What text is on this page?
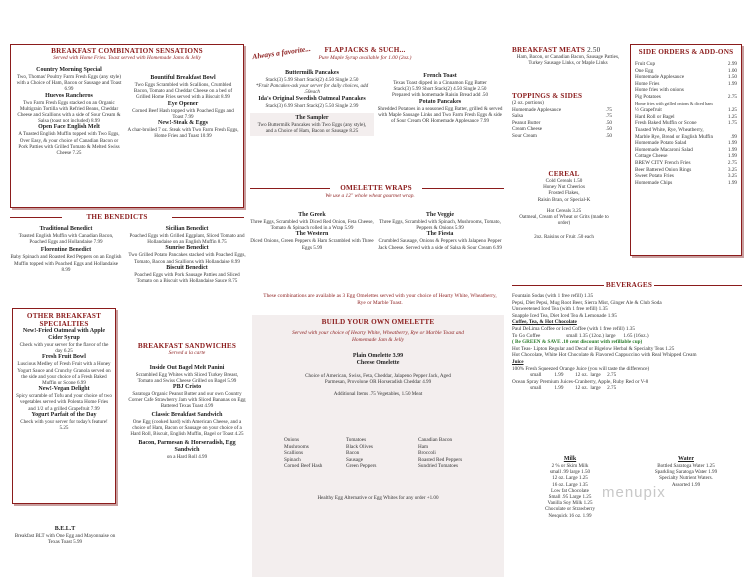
BREAKFAST COMBINATION SENSATIONS
Served with Home Fries. Toast served with Homemade Jams & Jelly
Country Morning Special
Two, Thomas' Poultry Farm Fresh Eggs (any style) with a Choice of Ham, Bacon or Sausage and Toast 6.99
Huevos Rancheros
Two Farm Fresh Eggs stacked on an Organic Multigrain Tortilla with Refried Beans, Cheddar Cheese and Scallions with a side of Sour Cream & Salsa (toast not included) 8.99
Open Face English Melt
A Toasted English Muffin topped with Two Eggs, Over Easy, & your choice of Canadian Bacon or Pork Patties with Grilled Tomato & Melted Swiss Cheese 7.25
Bountiful Breakfast Bowl
Two Eggs Scrambled with Scallions, Crumbled Bacon, Tomato and Cheddar Cheese on a bed of Grilled Home Fries served with a Biscuit 8.99
Eye Opener
Corned Beef Hash topped with Poached Eggs and Toast 7.99
New!-Steak & Eggs
A char-broiled 7 oz. Steak with Two Farm Fresh Eggs, Home Fries and Toast 10.99
THE BENEDICTS
Traditional Benedict
Toasted English Muffin with Canadian Bacon, Poached Eggs and Hollandaise 7.99
Florentine Benedict
Baby Spinach and Roasted Red Peppers on an English Muffin topped with Poached Eggs and Hollandaise 8.99
Sicilian Benedict
Poached Eggs with Grilled Eggplant, Sliced Tomato and Hollandaise on an English Muffin 8.75
Sunrise Benedict
Two Grilled Potato Pancakes stacked with Poached Eggs, Tomato, Bacon and Scallions with Hollandaise 8.99
Biscuit Benedict
Poached Eggs with Pork Sausage Patties and Sliced Tomato on a Biscuit with Hollandaise Sauce 8.75
OTHER BREAKFAST
SPECIALTIES
New!-Fried Oatmeal with Apple Cider Syrup
Check with your server for the flavor of the day 6.25
Fresh Fruit Bowl
Luscious Medley of Fresh Fruit with a Honey Yogurt Sauce and Crunchy Granola served on the side and your choice of a Fresh Baked Muffin or Scone 6.99
New!-Vegan Delight
Spicy scramble of Tofu and your choice of two vegetables served with Polenta Home Fries and 1/2 of a grilled Grapefruit 7.99
Yogurt Parfait of the Day
Check with your server for today's feature! 5.25
B.E.L.T
Breakfast BLT with One Egg and Mayonnaise on Texas Toast 5.99
BREAKFAST SANDWICHES
Served a la carte
Inside Out Bagel Melt Panini
Scrambled Egg Whites with Sliced Turkey Breast, Tomato and Swiss Cheese Grilled on Bagel 5.99
PBJ Cristo
Saratoga Organic Peanut Butter and our own Country Corner Cafe Strawberry Jam with Sliced Bananas on Egg Battered Texas Toast 4.99
Classic Breakfast Sandwich
One Egg (cooked hard) with American Cheese, and a choice of Ham, Bacon or Sausage on your choice of a Hard Roll, Biscuit, English Muffin, Bagel or Toast 4.25
Bacon, Parmesan & Horseradish, Egg Sandwich
on a Hard Roll 4.99
Always a favorite...	FLAPJACKS & SUCH...
Pure Maple Syrup available for 1.00 (2oz.)
Buttermilk Pancakes
Stack(3) 5.99 Short Stack(2) 4.50 Single 2.50
*Fruit Pancakes-ask your server for daily choices, add .50each
Ida's Original Swedish Oatmeal Pancakes
Stack(3) 6.99 Short Stack(2) 5.50 Single 2.99
The Sampler
Two Buttermilk Pancakes with Two Eggs (any style), and a Choice of Ham, Bacon or Sausage 8.25
French Toast
Texas Toast dipped in a Cinnamon Egg Batter
Stack(3) 5.99 Short Stack(2) 4.50 Single 2.50
Prepared with homemade Raisin Bread add .50
Potato Pancakes
Shredded Potatoes in a seasoned Egg Batter, grilled & served with Maple Sausage Links and Two Farm Fresh Eggs & side of Sour Cream OR Homemade Applesauce 7.99
OMELETTE WRAPS
We use a 12" whole wheat gourmet wrap.
The Greek
Three Eggs, Scrambled with Diced Red Onion, Feta Cheese, Tomato & Spinach rolled in a Wrap 5.99
The Western
Diced Onions, Green Peppers & Ham Scrambled with Three Eggs 5.99
The Veggie
Three Eggs, Scrambled with Spinach, Mushrooms, Tomato, Peppers & Onions 5.99
The Fiesta
Crumbled Sausage, Onions & Peppers with Jalapeno Pepper Jack Cheese. Served with a side of Salsa & Sour Cream 6.99
These combinations are available as 3 Egg Omelettes served with your choice of Hearty White, Wheatberry, Rye or Marble Toast.
BUILD YOUR OWN OMELETTE
Served with your choice of Hearty White, Wheatberry, Rye or Marble Toast and Homemade Jam & Jelly
Plain Omelette 3.99
Cheese Omelette
Choice of American, Swiss, Feta, Cheddar, Jalapeno Pepper Jack, Aged Parmesan, Provolone OR Horseradish Cheddar 4.99
Additional Items .75 Vegetables, 1.50 Meat
Onions
Mushrooms
Scallions
Spinach
Corned Beef Hash
Tomatoes
Black Olives
Bacon
Sausage
Green Peppers
Canadian Bacon
Ham
Broccoli
Roasted Red Peppers
Sundried Tomatoes
Healthy Egg Alternative or Egg Whites for any order +1.00
BREAKFAST MEATS 2.50
Ham, Bacon, or Canadian Bacon, Sausage Patties, Turkey Sausage Links, or Maple Links
TOPPINGS & SIDES
(2 oz. portions)
Homemade Applesauce	.75
Salsa	.75
Peanut Butter	.50
Cream Cheese	.50
Sour Cream	.50
CEREAL
Cold Cereals 1.50
Honey Nut Cheerios
Frosted Flakes,
Raisin Bran, or Special-K
Hot Cereals 3.25
Oatmeal, Cream of Wheat or Grits (made to order)
2oz. Raisins or Fruit .50 each
SIDE ORDERS & ADD-ONS
Fruit Cup	2.99
One Egg	1.00
Homemade Applesauce	1.50
Home Fries	1.99
Home fries with onions
Pig Potatoes	2.75
Home fries with grilled onions & diced ham
½ Grapefruit	1.25
Hard Roll or Bagel	1.25
Fresh Baked Muffin or Scone	1.75
Toasted White, Rye, Wheatberry,
Marble Rye, Bread or English Muffin	.99
Homemade Potato Salad	1.99
Homemade Macaroni Salad	1.99
Cottage Cheese	1.99
BREW CITY French Fries	2.75
Beer Battered Onion Rings	3.25
Sweet Potato Fries	3.25
Homemade Chips	1.99
BEVERAGES
Fountain Sodas (with 1 free refill) 1.35
Pepsi, Diet Pepsi, Mug Root Beer, Sierra Mist, Ginger Ale & Club Soda
Unsweetened Iced Tea (with 1 free refill) 1.35
Snapple Iced Tea, Diet Iced Tea & Lemonade 1.95
Coffee, Tea, & Hot Chocolate
Paul DeLima Coffee or Iced Coffee (with 1 free refill) 1.35
To Go Coffee                    small 1.35 (12oz.) large      1.65 (16oz.)
( Be GREEN & SAVE .10 cent discount with refillable cup)
Hot Teas- Lipton Regular and Decaf or Bigelow Herbal & Specialty Teas 1.25
Hot Chocolate, White Hot Chocolate & Flavored Cappuccino with Real Whipped Cream
Juice
100% Fresh Squeezed Orange Juice (you will taste the difference)
small          1.99         12 oz.  large     2.75
Ocean Spray Premium Juices-Cranberry, Apple, Ruby Red or V-8
small          1.99         12 oz.  large     2.75
Milk
2 % or Skim Milk
small .99 large 1.50
12 oz. Large 1.25
16 oz. Large 1.35
Low fat Chocolate
Small .95 Large 1.25
Vanilla Soy Milk 1.25
Chocolate or Strawberry
Nesquick 16 oz. 1.99
Water
Bottled Saratoga Water 1.25
Sparkling Saratoga Water 1.99
Specialty Nutrient Waters.
Assorted 1.99
menupix
